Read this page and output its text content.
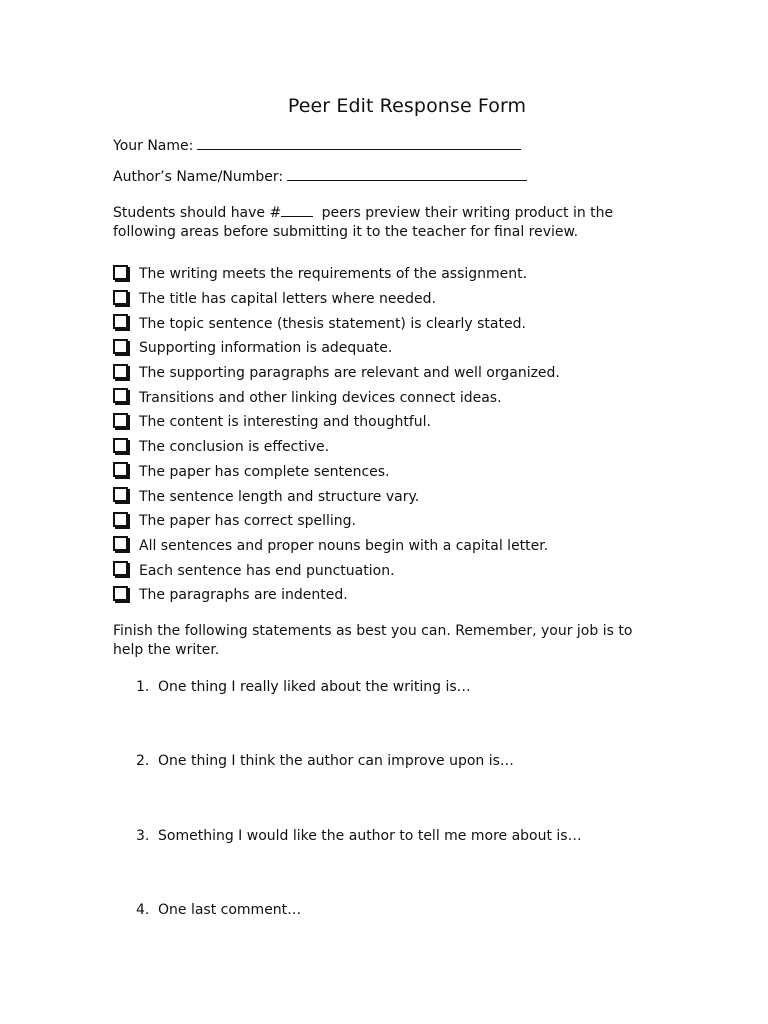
Peer Edit Response Form
Your Name:
Author’s Name/Number:
Students should have #	peers preview their writing product in the following areas before submitting it to the teacher for final review.
The writing meets the requirements of the assignment.
The title has capital letters where needed.
The topic sentence (thesis statement) is clearly stated.
Supporting information is adequate.
The supporting paragraphs are relevant and well organized.
Transitions and other linking devices connect ideas.
The content is interesting and thoughtful.
The conclusion is effective.
The paper has complete sentences.
The sentence length and structure vary.
The paper has correct spelling.
All sentences and proper nouns begin with a capital letter.
Each sentence has end punctuation.
The paragraphs are indented.
Finish the following statements as best you can. Remember, your job is to help the writer.
1. One thing I really liked about the writing is…
2. One thing I think the author can improve upon is…
3. Something I would like the author to tell me more about is…
4. One last comment…
